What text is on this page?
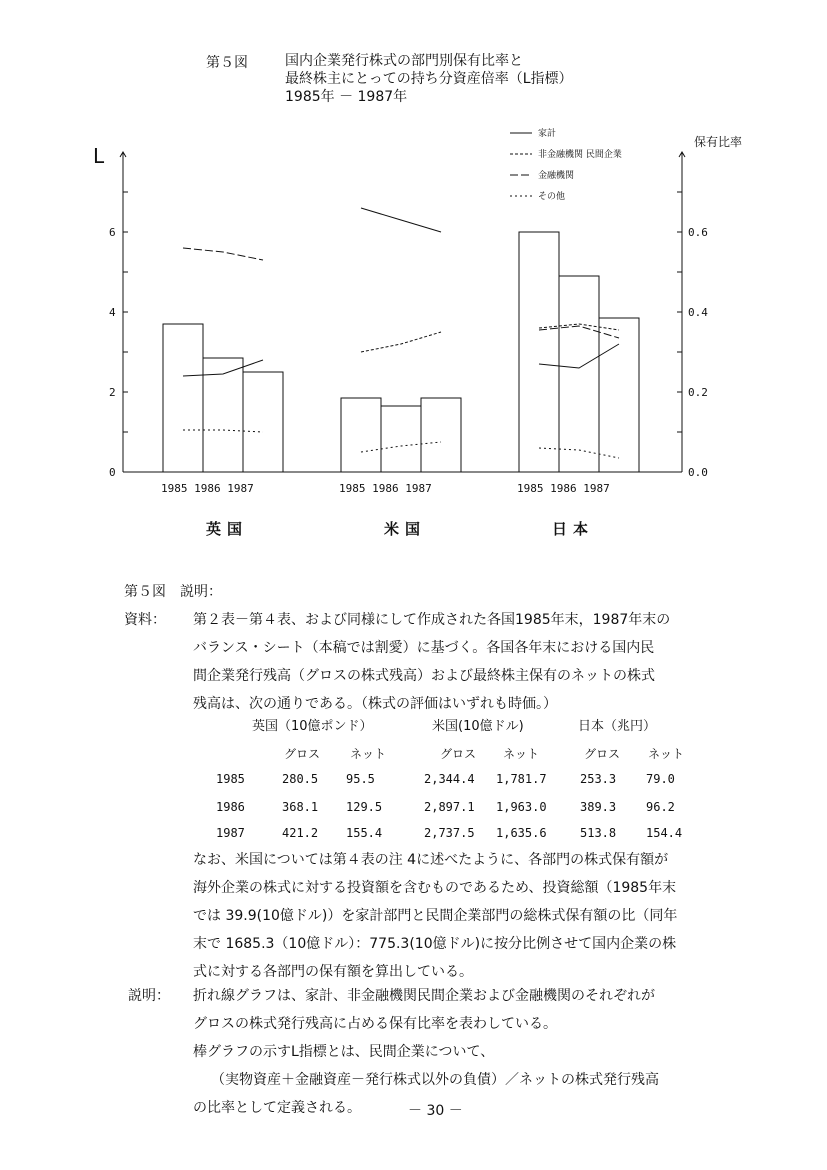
第５図	国内企業発行株式の部門別保有比率と
最終株主にとっての持ち分資産倍率（L指標）
1985年 － 1987年
0
2
4
6
L
0.0
0.2
0.4
0.6
保有比率
1985 1986 1987	1985 1986 1987	1985 1986 1987
家計
非金融機関 民間企業
金融機関
その他
英国	米国	日本
第５図　説明：
資料： 第２表－第４表、および同様にして作成された各国1985年末，1987年末の
バランス・シート（本稿では割愛）に基づく。各国各年末における国内民
間企業発行残高（グロスの株式残高）および最終株主保有のネットの株式
残高は、次の通りである。（株式の評価はいずれも時価。）
英国（10億ポンド）	米国(10億ドル)	日本（兆円）
グロス ネット	グロス ネット	グロス ネット
1985	280.5 95.5	2,344.4 1,781.7	253.3 79.0
1986	368.1 129.5	2,897.1 1,963.0	389.3 96.2
1987	421.2 155.4	2,737.5 1,635.6	513.8 154.4
なお、米国については第４表の注 4に述べたように、各部門の株式保有額が
海外企業の株式に対する投資額を含むものであるため、投資総額（1985年末
では 39.9(10億ドル)）を家計部門と民間企業部門の総株式保有額の比（同年
末で 1685.3（10億ドル）：775.3(10億ドル)に按分比例させて国内企業の株
式に対する各部門の保有額を算出している。
説明： 折れ線グラフは、家計、非金融機関民間企業および金融機関のそれぞれが
グロスの株式発行残高に占める保有比率を表わしている。
棒グラフの示すL指標とは、民間企業について、
（実物資産＋金融資産－発行株式以外の負債）／ネットの株式発行残高
の比率として定義される。	－ 30 －
